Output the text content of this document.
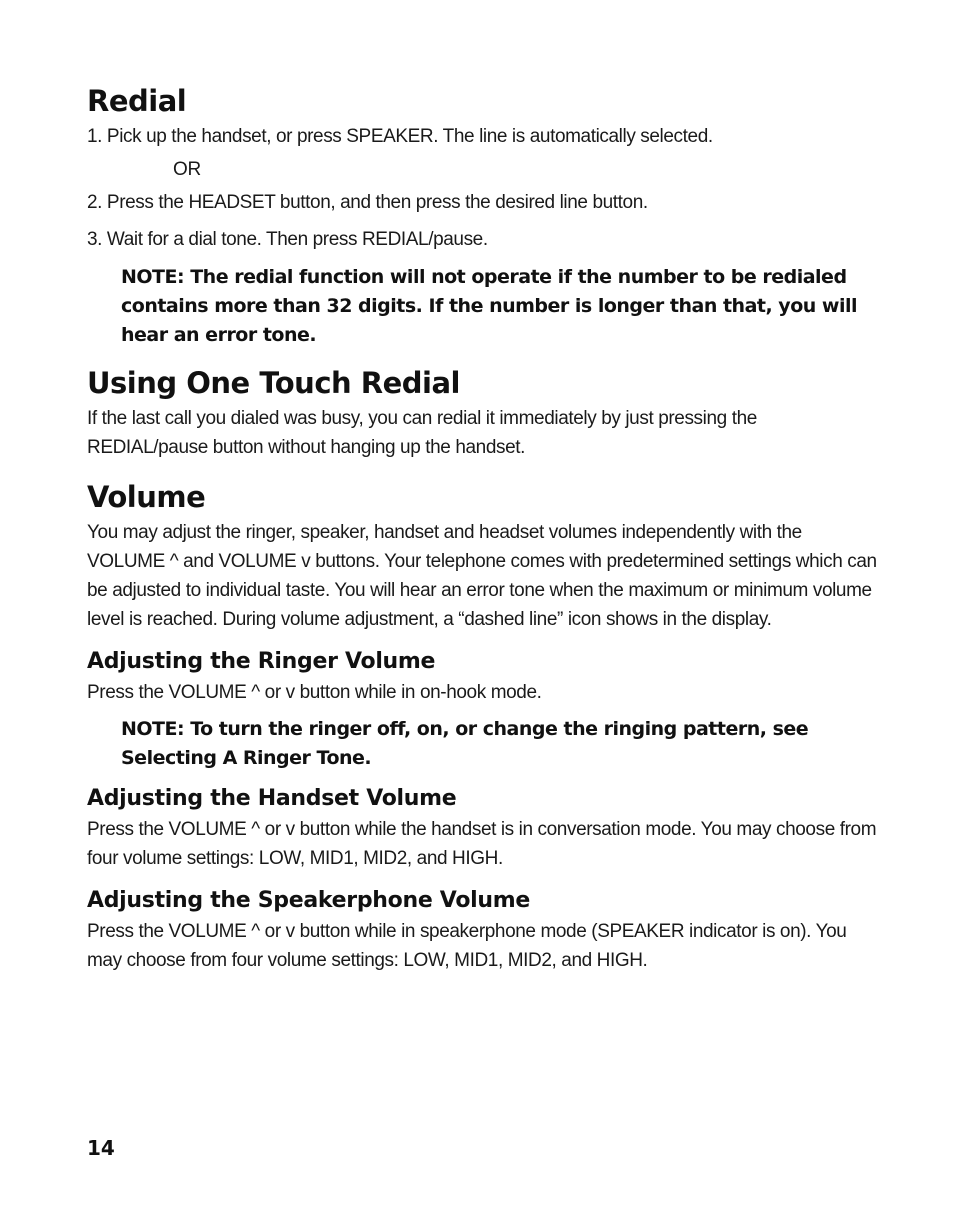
Redial
1. Pick up the handset, or press SPEAKER. The line is automatically selected.
OR
2. Press the HEADSET button, and then press the desired line button.
3. Wait for a dial tone. Then press REDIAL/pause.
NOTE: The redial function will not operate if the number to be redialed contains more than 32 digits. If the number is longer than that, you will hear an error tone.
Using One Touch Redial

If the last call you dialed was busy, you can redial it immediately by just pressing the REDIAL/pause button without hanging up the handset.

Volume

You may adjust the ringer, speaker, handset and headset volumes independently with the VOLUME ^ and VOLUME v buttons. Your telephone comes with predetermined settings which can be adjusted to individual taste. You will hear an error tone when the maximum or minimum volume level is reached. During volume adjustment, a “dashed line” icon shows in the display.

Adjusting the Ringer Volume

Press the VOLUME ^ or v button while in on-hook mode.

NOTE: To turn the ringer off, on, or change the ringing pattern, see Selecting A Ringer Tone.
Adjusting the Handset Volume

Press the VOLUME ^ or v button while the handset is in conversation mode. You may choose from four volume settings: LOW, MID1, MID2, and HIGH.

Adjusting the Speakerphone Volume

Press the VOLUME ^ or v button while in speakerphone mode (SPEAKER indicator is on). You may choose from four volume settings: LOW, MID1, MID2, and HIGH.

14
